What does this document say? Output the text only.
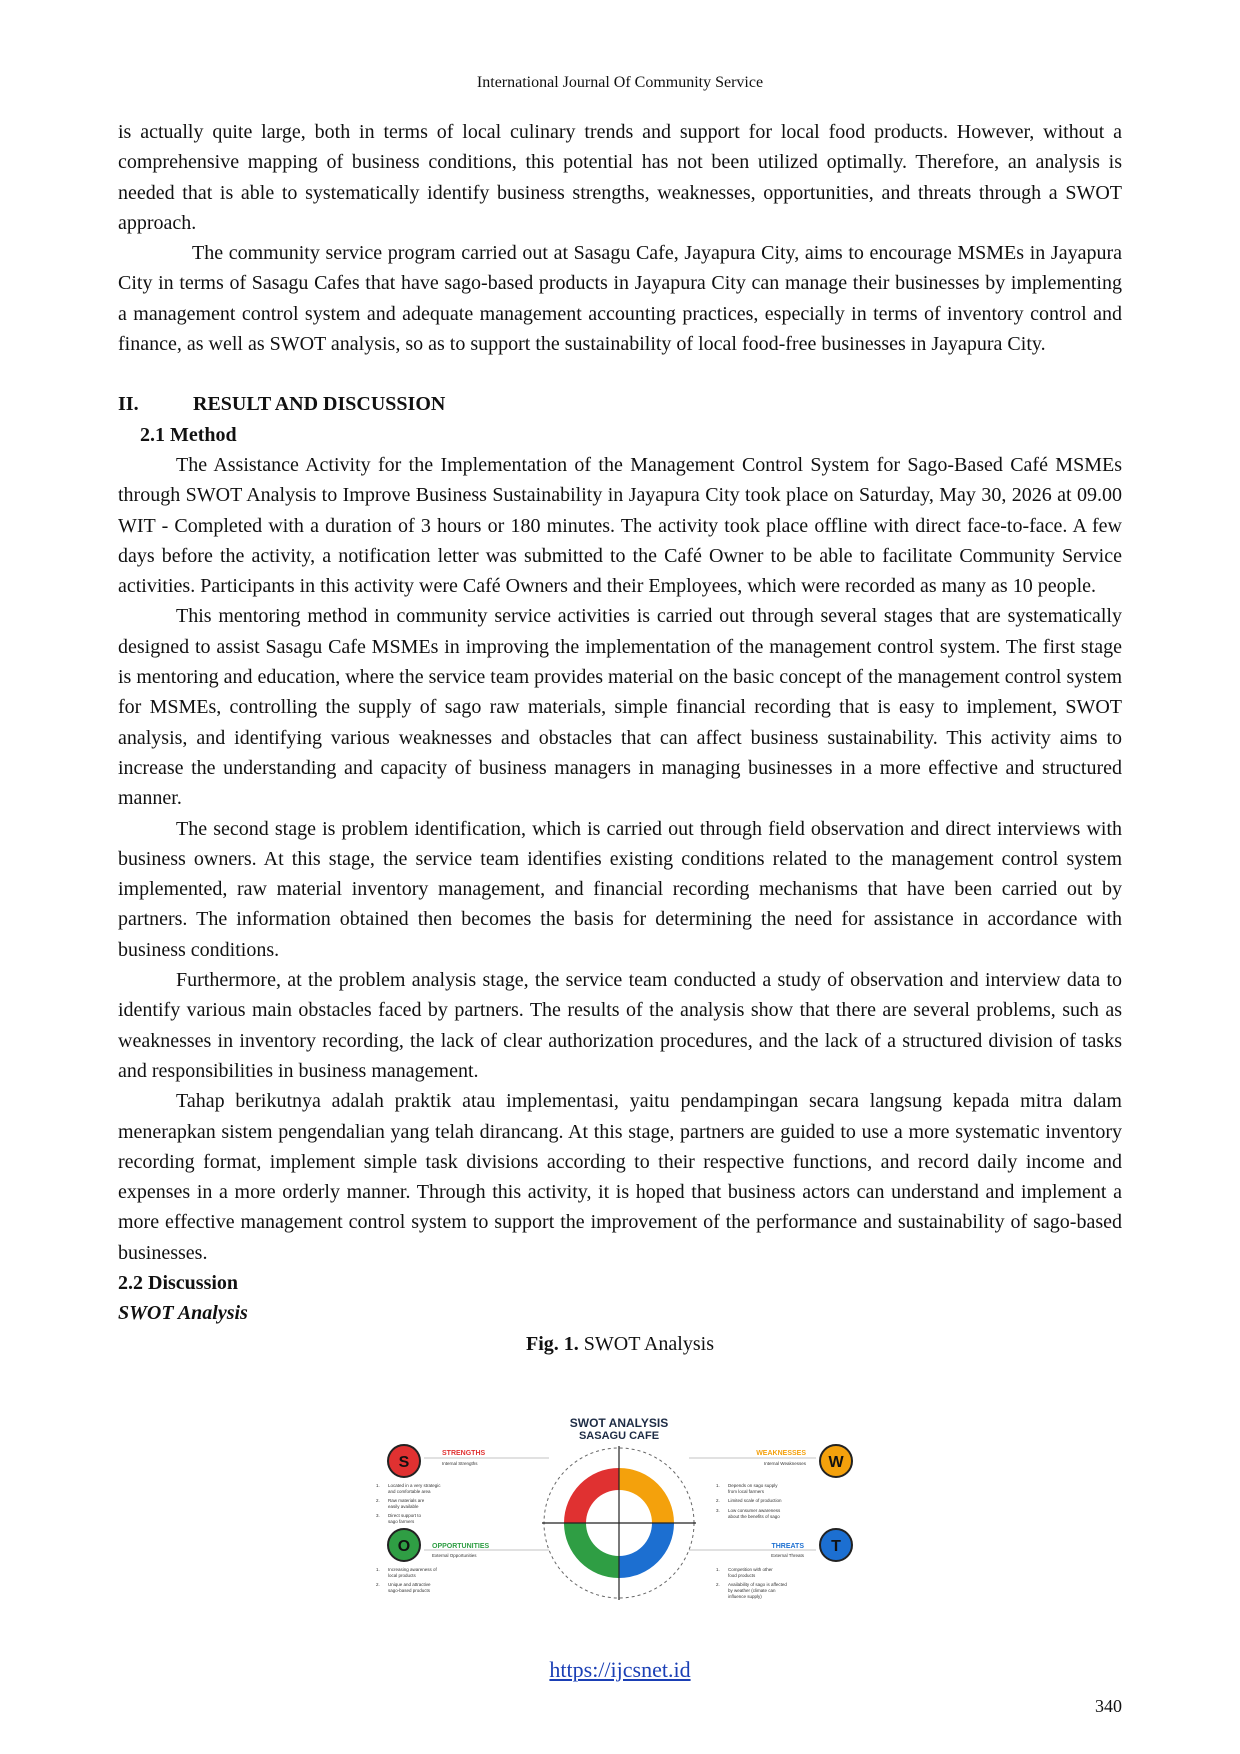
International Journal Of Community Service

is actually quite large, both in terms of local culinary trends and support for local food products. However, without a comprehensive mapping of business conditions, this potential has not been utilized optimally. Therefore, an analysis is needed that is able to systematically identify business strengths, weaknesses, opportunities, and threats through a SWOT approach.

The community service program carried out at Sasagu Cafe, Jayapura City, aims to encourage MSMEs in Jayapura City in terms of Sasagu Cafes that have sago-based products in Jayapura City can manage their businesses by implementing a management control system and adequate management accounting practices, especially in terms of inventory control and finance, as well as SWOT analysis, so as to support the sustainability of local food-free businesses in Jayapura City.

II.	RESULT AND DISCUSSION
2.1 Method

The Assistance Activity for the Implementation of the Management Control System for Sago-Based Café MSMEs through SWOT Analysis to Improve Business Sustainability in Jayapura City took place on Saturday, May 30, 2026 at 09.00 WIT - Completed with a duration of 3 hours or 180 minutes. The activity took place offline with direct face-to-face. A few days before the activity, a notification letter was submitted to the Café Owner to be able to facilitate Community Service activities. Participants in this activity were Café Owners and their Employees, which were recorded as many as 10 people.

This mentoring method in community service activities is carried out through several stages that are systematically designed to assist Sasagu Cafe MSMEs in improving the implementation of the management control system. The first stage is mentoring and education, where the service team provides material on the basic concept of the management control system for MSMEs, controlling the supply of sago raw materials, simple financial recording that is easy to implement, SWOT analysis, and identifying various weaknesses and obstacles that can affect business sustainability. This activity aims to increase the understanding and capacity of business managers in managing businesses in a more effective and structured manner.

The second stage is problem identification, which is carried out through field observation and direct interviews with business owners. At this stage, the service team identifies existing conditions related to the management control system implemented, raw material inventory management, and financial recording mechanisms that have been carried out by partners. The information obtained then becomes the basis for determining the need for assistance in accordance with business conditions.

Furthermore, at the problem analysis stage, the service team conducted a study of observation and interview data to identify various main obstacles faced by partners. The results of the analysis show that there are several problems, such as weaknesses in inventory recording, the lack of clear authorization procedures, and the lack of a structured division of tasks and responsibilities in business management.

Tahap berikutnya adalah praktik atau implementasi, yaitu pendampingan secara langsung kepada mitra dalam menerapkan sistem pengendalian yang telah dirancang. At this stage, partners are guided to use a more systematic inventory recording format, implement simple task divisions according to their respective functions, and record daily income and expenses in a more orderly manner. Through this activity, it is hoped that business actors can understand and implement a more effective management control system to support the improvement of the performance and sustainability of sago-based businesses.

2.2 Discussion
SWOT Analysis
Fig. 1. SWOT Analysis
SWOT ANALYSIS
SASAGU CAFE
S
STRENGTHS
Internal Strengths
1. Located in a very strategic
and comfortable area
2. Raw materials are
easily available
3. Direct support to
sago farmers
W
WEAKNESSES
Internal Weaknesses
1. Depends on sago supply
from local farmers
2. Limited scale of production
3. Low consumer awareness
about the benefits of sago
O	OPPORTUNITIES
External Opportunities
1. Increasing awareness of
local products
2. Unique and attractive
sago-based products
T
THREATS
External Threats
1. Competition with other
food products
2. Availability of sago is affected
by weather (climate can
influence supply)
https://ijcsnet.id
340
